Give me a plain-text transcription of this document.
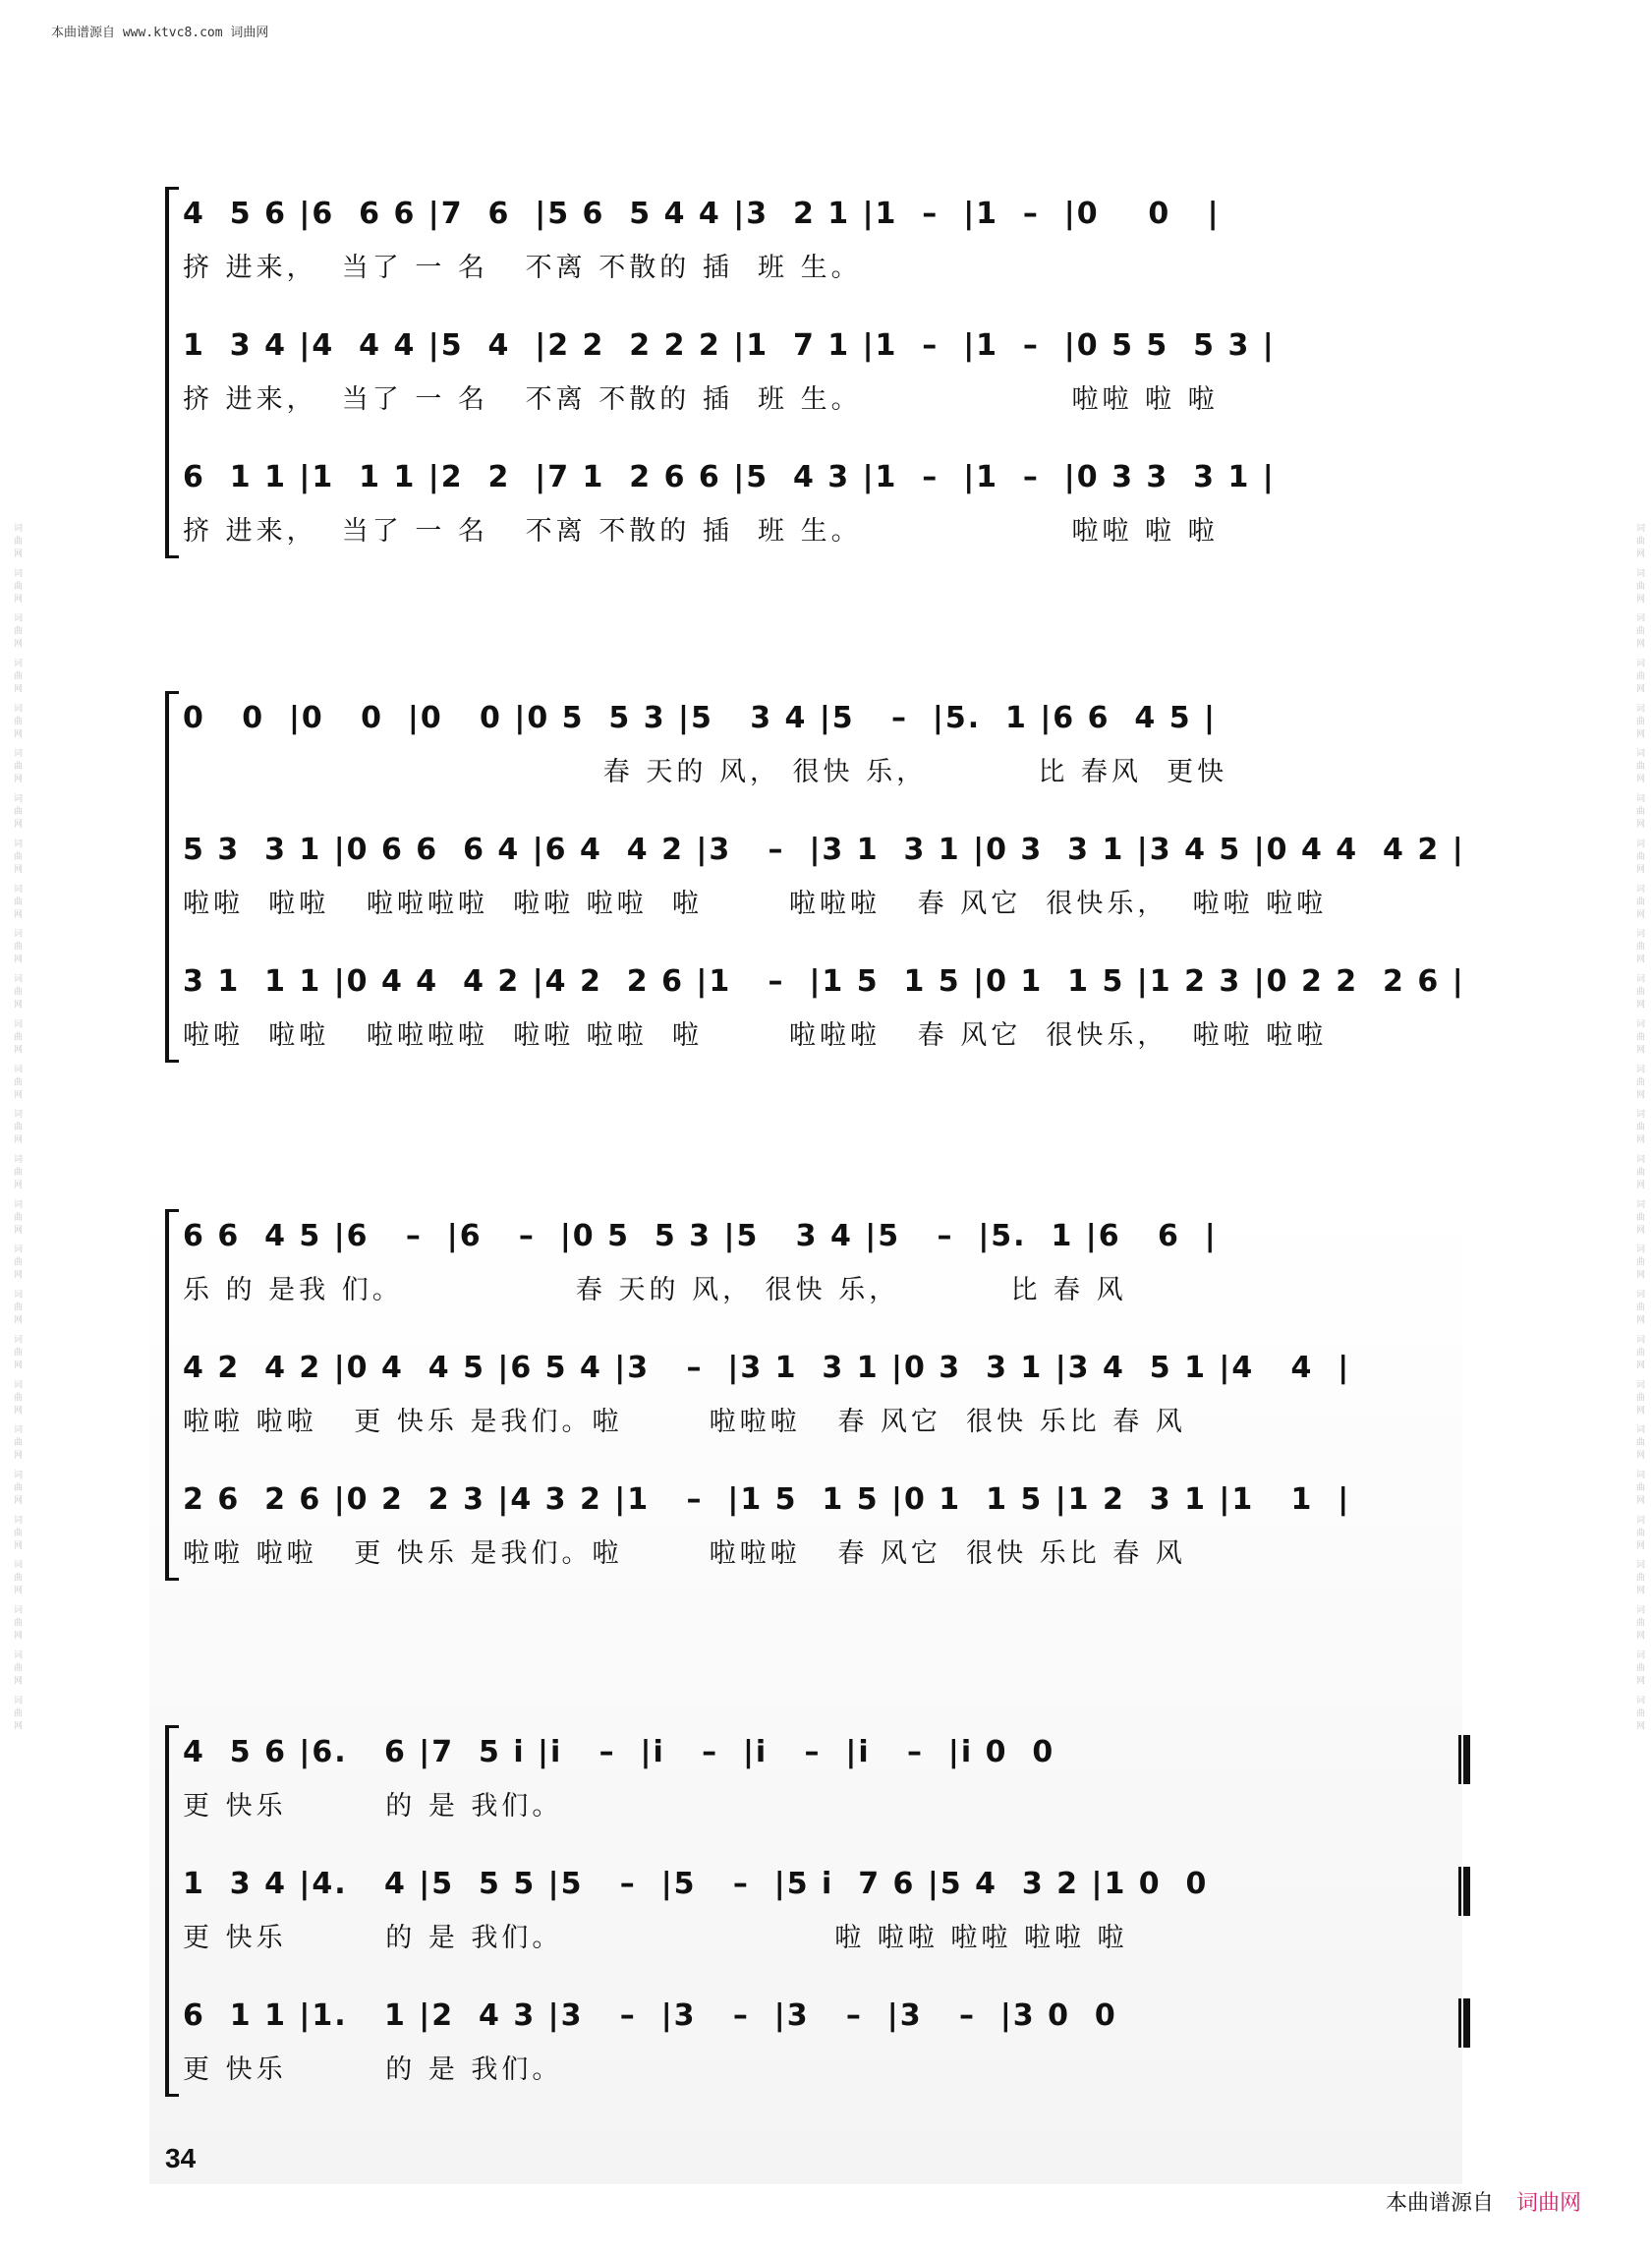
词曲网 词曲网 词曲网 词曲网 词曲网 词曲网 词曲网 词曲网 词曲网 词曲网 词曲网 词曲网 词曲网 词曲网 词曲网 词曲网 词曲网 词曲网 词曲网 词曲网 词曲网 词曲网 词曲网 词曲网 词曲网 词曲网 词曲网	词曲网 词曲网 词曲网 词曲网 词曲网 词曲网 词曲网 词曲网 词曲网 词曲网 词曲网 词曲网 词曲网 词曲网 词曲网 词曲网 词曲网 词曲网 词曲网 词曲网 词曲网 词曲网 词曲网 词曲网 词曲网 词曲网 词曲网
本曲谱源自 www.ktvc8.com 词曲网
4  5 6 |6  6 6 |7  6  |5 6  5 4 4 |3  2 1 |1  –  |1  –  |0    0   |
挤 进来，  当了 一 名   不离 不散的 插  班 生。
1  3 4 |4  4 4 |5  4  |2 2  2 2 2 |1  7 1 |1  –  |1  –  |0 5 5  5 3 |
挤 进来，  当了 一 名   不离 不散的 插  班 生。                 啦啦 啦 啦
6  1 1 |1  1 1 |2  2  |7 1  2 6 6 |5  4 3 |1  –  |1  –  |0 3 3  3 1 |
挤 进来，  当了 一 名   不离 不散的 插  班 生。                 啦啦 啦 啦
0   0  |0   0  |0   0 |0 5  5 3 |5   3 4 |5   –  |5.  1 |6 6  4 5 |
春 天的 风， 很快 乐，         比 春风  更快
5 3  3 1 |0 6 6  6 4 |6 4  4 2 |3   –  |3 1  3 1 |0 3  3 1 |3 4 5 |0 4 4  4 2 |
啦啦  啦啦   啦啦啦啦  啦啦 啦啦  啦       啦啦啦   春 风它  很快乐，  啦啦 啦啦
3 1  1 1 |0 4 4  4 2 |4 2  2 6 |1   –  |1 5  1 5 |0 1  1 5 |1 2 3 |0 2 2  2 6 |
啦啦  啦啦   啦啦啦啦  啦啦 啦啦  啦       啦啦啦   春 风它  很快乐，  啦啦 啦啦
6 6  4 5 |6   –  |6   –  |0 5  5 3 |5   3 4 |5   –  |5.  1 |6   6  |
乐 的 是我 们。              春 天的 风， 很快 乐，         比 春 风
4 2  4 2 |0 4  4 5 |6 5 4 |3   –  |3 1  3 1 |0 3  3 1 |3 4  5 1 |4   4  |
啦啦 啦啦   更 快乐 是我们。啦       啦啦啦   春 风它  很快 乐比 春 风
2 6  2 6 |0 2  2 3 |4 3 2 |1   –  |1 5  1 5 |0 1  1 5 |1 2  3 1 |1   1  |
啦啦 啦啦   更 快乐 是我们。啦       啦啦啦   春 风它  很快 乐比 春 风
4  5 6 |6.   6 |7  5 i |i   –  |i   –  |i   –  |i   –  |i 0  0
更 快乐        的 是 我们。
1  3 4 |4.   4 |5  5 5 |5   –  |5   –  |5 i  7 6 |5 4  3 2 |1 0  0
更 快乐        的 是 我们。                      啦 啦啦 啦啦 啦啦 啦
6  1 1 |1.   1 |2  4 3 |3   –  |3   –  |3   –  |3   –  |3 0  0
更 快乐        的 是 我们。
34
本曲谱源自 词曲网
